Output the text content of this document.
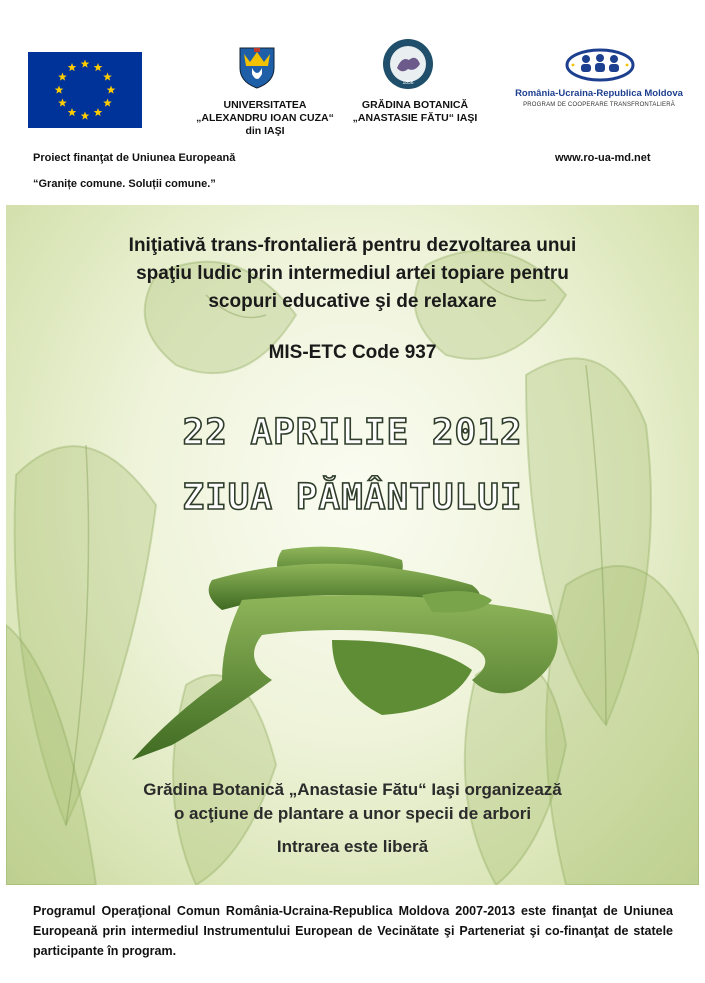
UNIVERSITATEA
„ALEXANDRU IOAN CUZA“
din IAŞI
1856
GRĂDINA BOTANICĂ
„ANASTASIE FĂTU“ IAŞI
România-Ucraina-Republica Moldova
PROGRAM DE COOPERARE TRANSFRONTALIERĂ
Proiect finanţat de Uniunea Europeană	www.ro-ua-md.net
“Granițe comune. Soluții comune.”
Iniţiativă trans-frontalieră pentru dezvoltarea unui
spaţiu ludic prin intermediul artei topiare pentru
scopuri educative şi de relaxare
MIS-ETC Code 937
22 APRILIE 2012
ZIUA PĂMÂNTULUI
Grădina Botanică „Anastasie Fătu“ Iaşi organizează
o acţiune de plantare a unor specii de arbori
Intrarea este liberă
Programul Operaţional Comun România-Ucraina-Republica Moldova 2007-2013 este finanţat de Uniunea Europeană prin intermediul Instrumentului European de Vecinătate şi Parteneriat şi co-finanţat de statele participante în program.
